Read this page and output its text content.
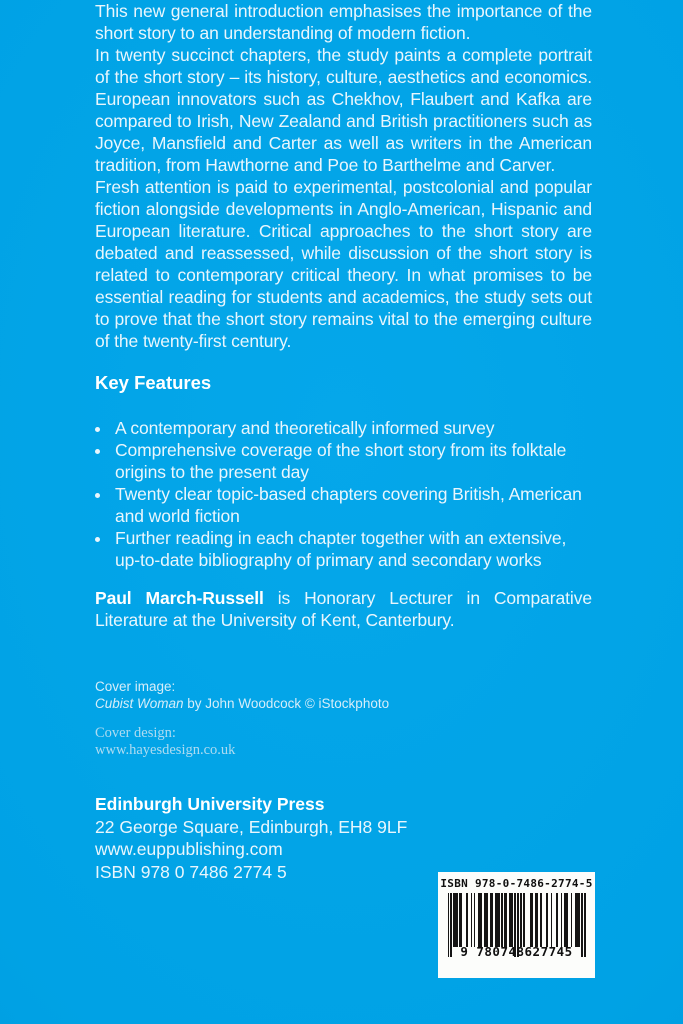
This new general introduction emphasises the importance of the short story to an understanding of modern fiction.

In twenty succinct chapters, the study paints a complete portrait of the short story – its history, culture, aesthetics and economics. European innovators such as Chekhov, Flaubert and Kafka are compared to Irish, New Zealand and British practitioners such as Joyce, Mansfield and Carter as well as writers in the American tradition, from Hawthorne and Poe to Barthelme and Carver.

Fresh attention is paid to experimental, postcolonial and popular fiction alongside developments in Anglo-American, Hispanic and European literature. Critical approaches to the short story are debated and reassessed, while discussion of the short story is related to contemporary critical theory. In what promises to be essential reading for students and academics, the study sets out to prove that the short story remains vital to the emerging culture of the twenty-first century.

Key Features
• A contemporary and theoretically informed survey
• Comprehensive coverage of the short story from its folktale origins to the present day
• Twenty clear topic-based chapters covering British, American and world fiction
• Further reading in each chapter together with an extensive, up-to-date bibliography of primary and secondary works

Paul March-Russell is Honorary Lecturer in Comparative Literature at the University of Kent, Canterbury.

Cover image:
Cubist Woman by John Woodcock © iStockphoto
Cover design:
www.hayesdesign.co.uk
Edinburgh University Press
22 George Square, Edinburgh, EH8 9LF
www.euppublishing.com
ISBN 978 0 7486 2774 5
ISBN 978-0-7486-2774-5
9 780748627745
